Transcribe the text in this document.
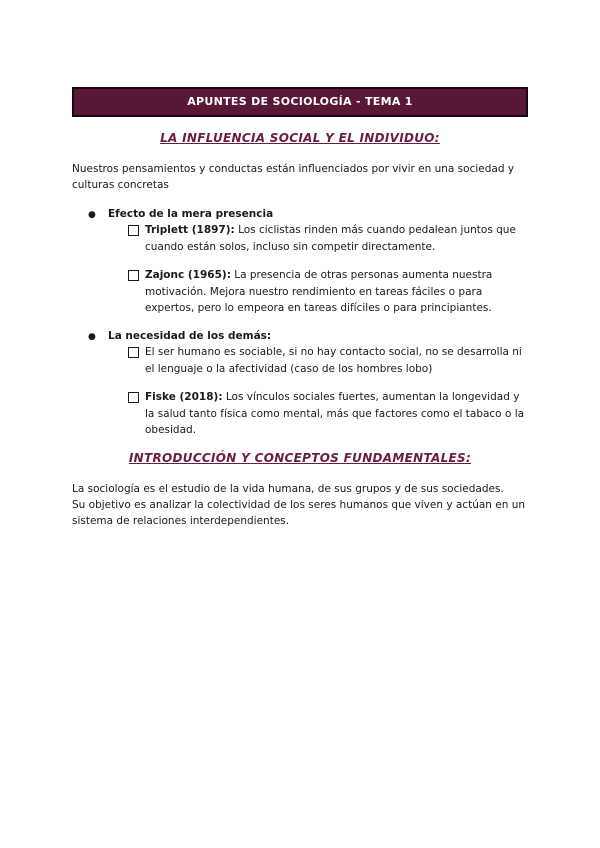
APUNTES DE SOCIOLOGÍA - TEMA 1
LA INFLUENCIA SOCIAL Y EL INDIVIDUO:
Nuestros pensamientos y conductas están influenciados por vivir en una sociedad y culturas concretas
● Efecto de la mera presencia
Triplett (1897): Los ciclistas rinden más cuando pedalean juntos que cuando están solos, incluso sin competir directamente.
Zajonc (1965): La presencia de otras personas aumenta nuestra motivación. Mejora nuestro rendimiento en tareas fáciles o para expertos, pero lo empeora en tareas difíciles o para principiantes.
● La necesidad de los demás:
El ser humano es sociable, si no hay contacto social, no se desarrolla ni el lenguaje o la afectividad (caso de los hombres lobo)
Fiske (2018): Los vínculos sociales fuertes, aumentan la longevidad y la salud tanto física como mental, más que factores como el tabaco o la obesidad.
INTRODUCCIÓN Y CONCEPTOS FUNDAMENTALES:
La sociología es el estudio de la vida humana, de sus grupos y de sus sociedades.
Su objetivo es analizar la colectividad de los seres humanos que viven y actúan en un sistema de relaciones interdependientes.
